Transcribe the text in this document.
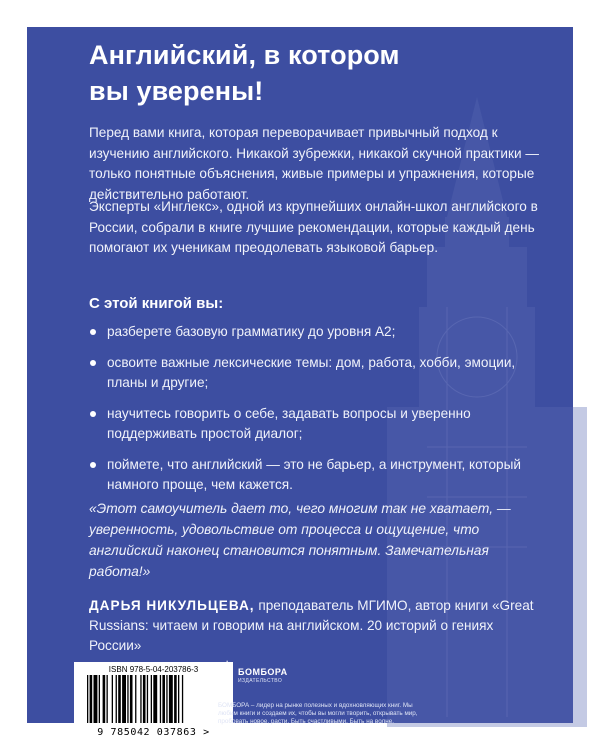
Английский, в котором
вы уверены!
Перед вами книга, которая переворачивает привычный подход к изучению английского. Никакой зубрежки, никакой скучной практики — только понятные объяснения, живые примеры и упражнения, которые действительно работают.
Эксперты «Инглекс», одной из крупнейших онлайн-школ английского в России, собрали в книге лучшие рекомендации, которые каждый день помогают их ученикам преодолевать языковой барьер.
С этой книгой вы:
разберете базовую грамматику до уровня А2;
освоите важные лексические темы: дом, работа, хобби, эмоции, планы и другие;
научитесь говорить о себе, задавать вопросы и уверенно поддерживать простой диалог;
поймете, что английский — это не барьер, а инструмент, который намного проще, чем кажется.
«Этот самоучитель дает то, чего многим так не хватает, — уверенность, удовольствие от процесса и ощущение, что английский наконец становится понятным. Замечательная работа!»
ДАРЬЯ НИКУЛЬЦЕВА, преподаватель МГИМО, автор книги «Great Russians: читаем и говорим на английском. 20 историй о гениях России»
ISBN 978-5-04-203786-3
9 785042 037863 >
БОМБОРА
ИЗДАТЕЛЬСТВО
БОМБОРА – лидер на рынке полезных и вдохновляющих книг. Мы любим книги и создаем их, чтобы вы могли творить, открывать мир, пробовать новое, расти. Быть счастливыми. Быть на волне.
